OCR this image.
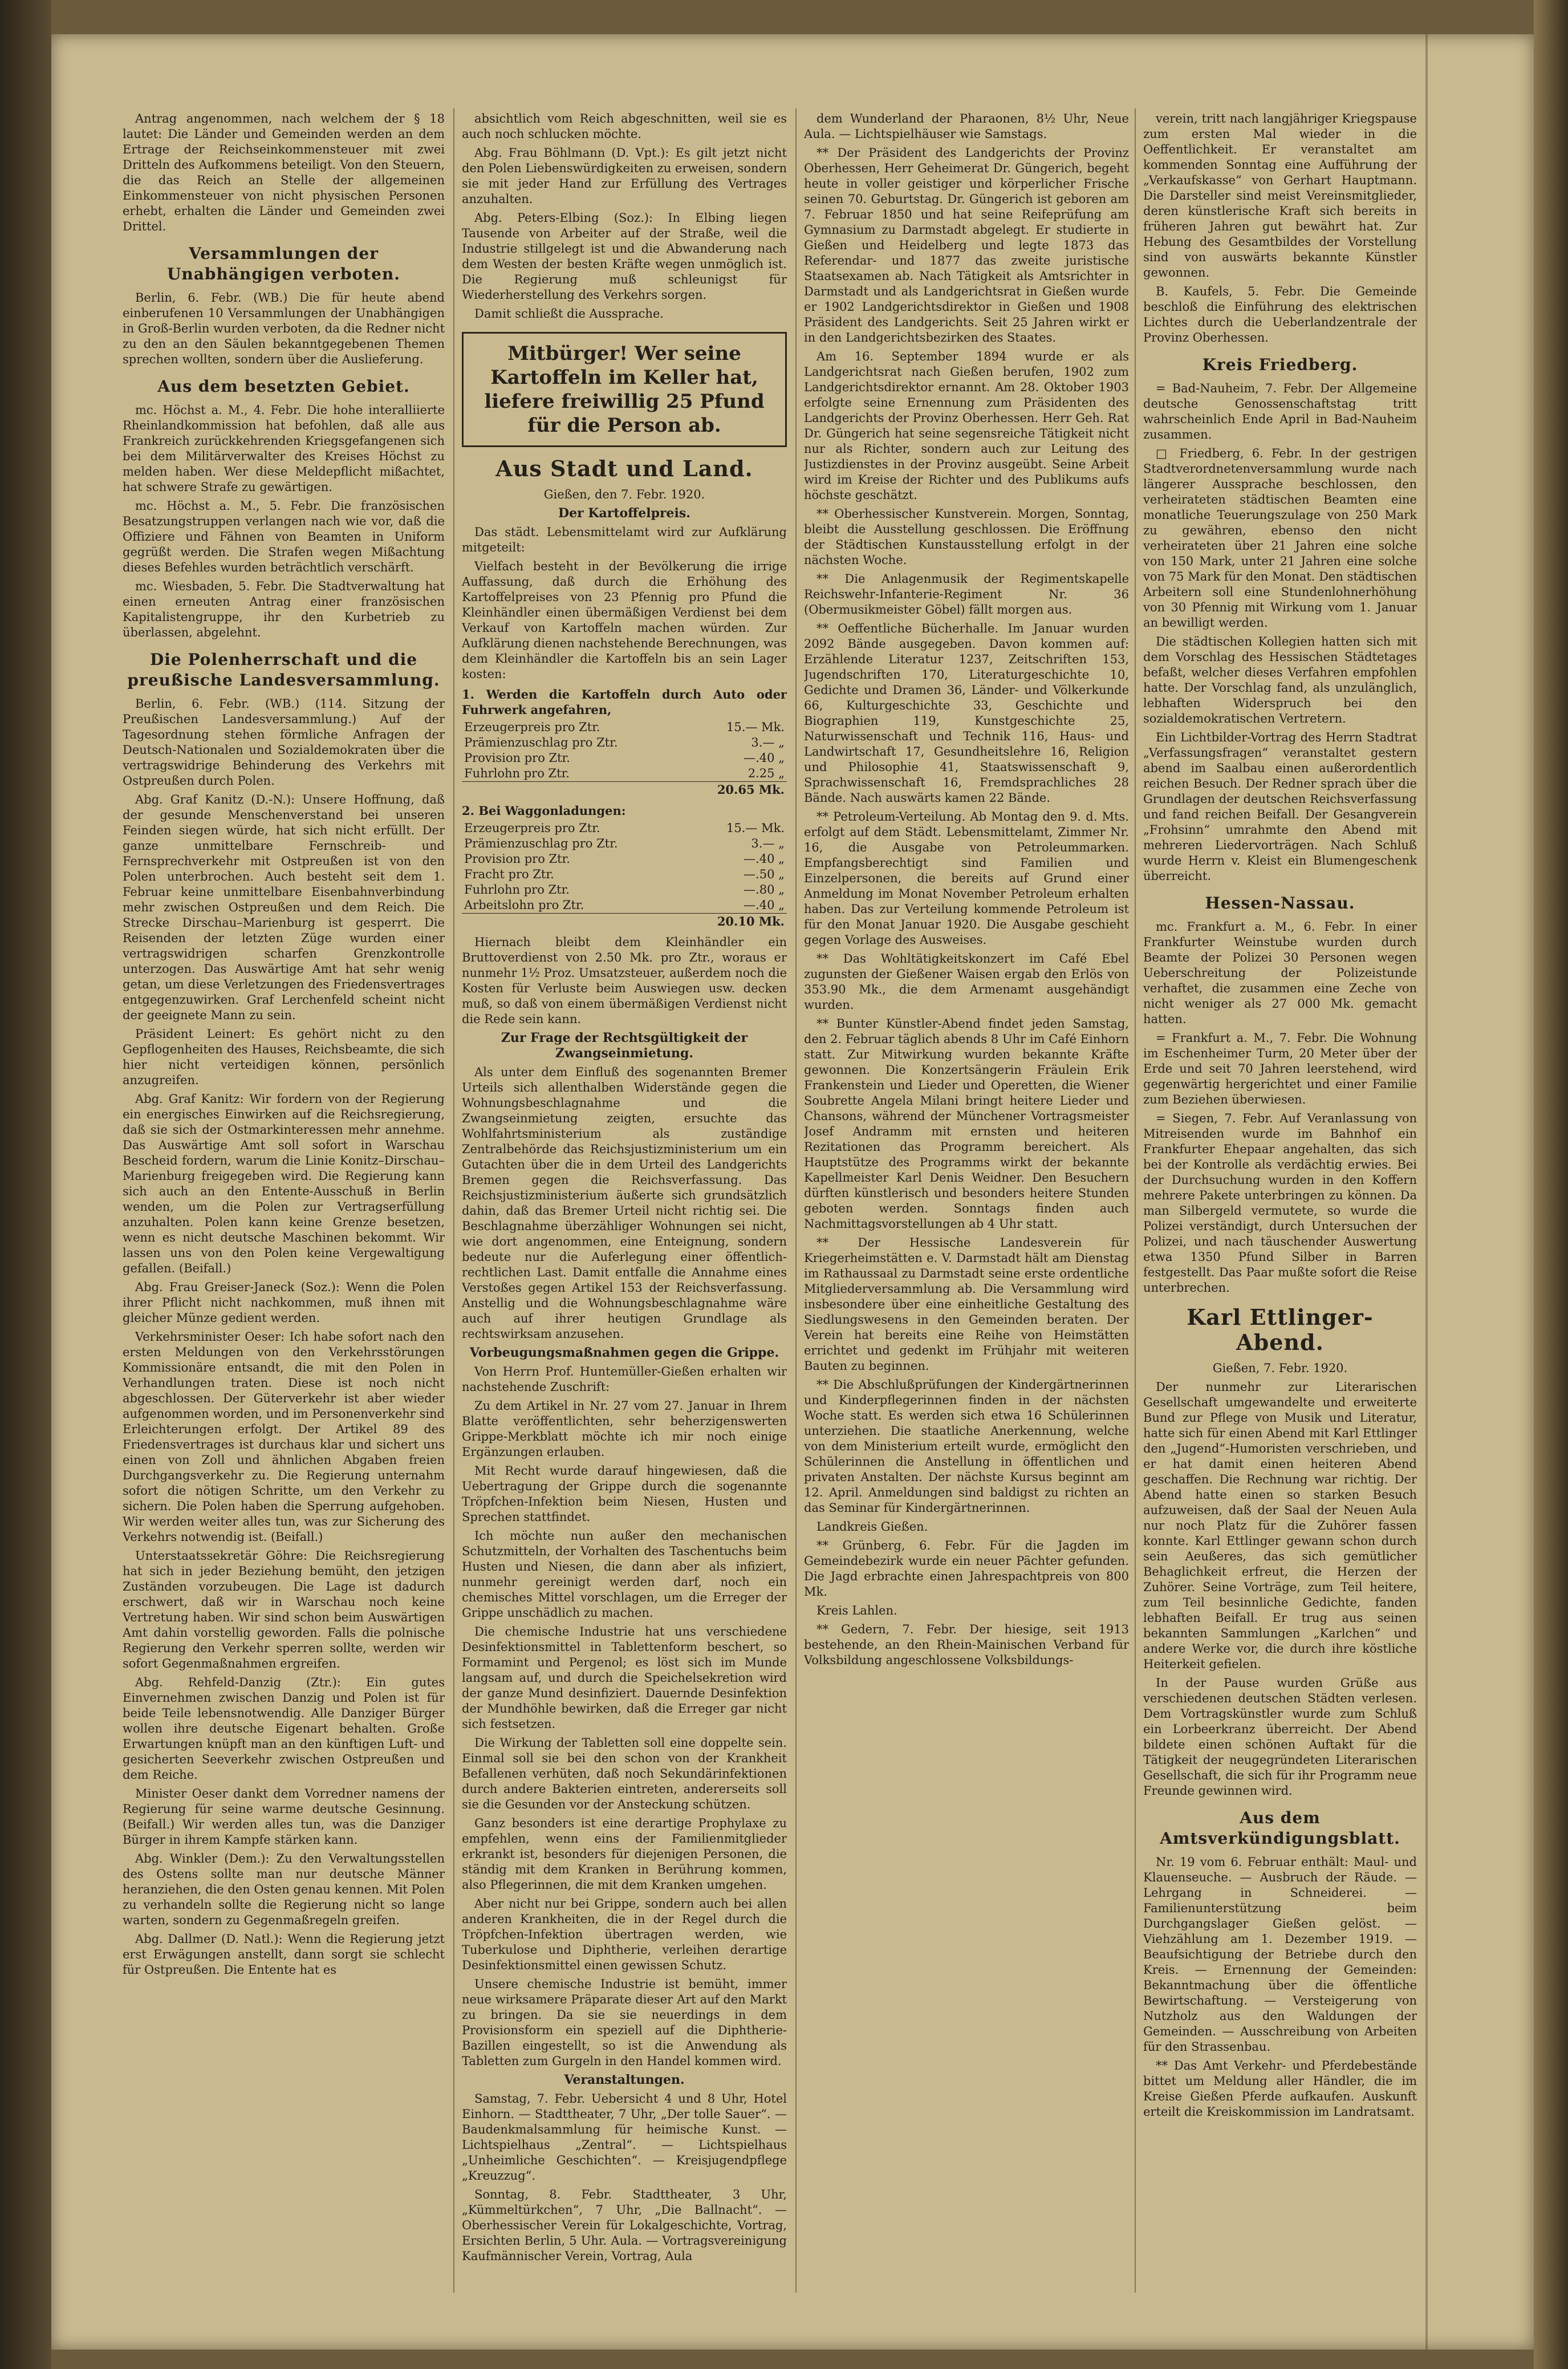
Antrag angenommen, nach welchem der § 18 lautet: Die Länder und Gemeinden werden an dem Ertrage der Reichseinkommensteuer mit zwei Dritteln des Aufkommens beteiligt. Von den Steuern, die das Reich an Stelle der allgemeinen Einkommensteuer von nicht physischen Personen erhebt, erhalten die Länder und Gemeinden zwei Drittel.

Versammlungen der Unabhängigen verboten.

Berlin, 6. Febr. (WB.) Die für heute abend einberufenen 10 Versammlungen der Unabhängigen in Groß-Berlin wurden verboten, da die Redner nicht zu den an den Säulen bekanntgegebenen Themen sprechen wollten, sondern über die Auslieferung.

Aus dem besetzten Gebiet.

mc. Höchst a. M., 4. Febr. Die hohe interalliierte Rheinlandkommission hat befohlen, daß alle aus Frankreich zurückkehrenden Kriegsgefangenen sich bei dem Militärverwalter des Kreises Höchst zu melden haben. Wer diese Meldepflicht mißachtet, hat schwere Strafe zu gewärtigen.

mc. Höchst a. M., 5. Febr. Die französischen Besatzungstruppen verlangen nach wie vor, daß die Offiziere und Fähnen von Beamten in Uniform gegrüßt werden. Die Strafen wegen Mißachtung dieses Befehles wurden beträchtlich verschärft.

mc. Wiesbaden, 5. Febr. Die Stadtverwaltung hat einen erneuten Antrag einer französischen Kapitalistengruppe, ihr den Kurbetrieb zu überlassen, abgelehnt.

Die Polenherrschaft und die preußische Landesversammlung.

Berlin, 6. Febr. (WB.) (114. Sitzung der Preußischen Landesversammlung.) Auf der Tagesordnung stehen förmliche Anfragen der Deutsch-Nationalen und Sozialdemokraten über die vertragswidrige Behinderung des Verkehrs mit Ostpreußen durch Polen.

Abg. Graf Kanitz (D.-N.): Unsere Hoffnung, daß der gesunde Menschenverstand bei unseren Feinden siegen würde, hat sich nicht erfüllt. Der ganze unmittelbare Fernschreib- und Fernsprechverkehr mit Ostpreußen ist von den Polen unterbrochen. Auch besteht seit dem 1. Februar keine unmittelbare Eisenbahnverbindung mehr zwischen Ostpreußen und dem Reich. Die Strecke Dirschau–Marienburg ist gesperrt. Die Reisenden der letzten Züge wurden einer vertragswidrigen scharfen Grenzkontrolle unterzogen. Das Auswärtige Amt hat sehr wenig getan, um diese Verletzungen des Friedensvertrages entgegenzuwirken. Graf Lerchenfeld scheint nicht der geeignete Mann zu sein.

Präsident Leinert: Es gehört nicht zu den Gepflogenheiten des Hauses, Reichsbeamte, die sich hier nicht verteidigen können, persönlich anzugreifen.

Abg. Graf Kanitz: Wir fordern von der Regierung ein energisches Einwirken auf die Reichsregierung, daß sie sich der Ostmarkinteressen mehr annehme. Das Auswärtige Amt soll sofort in Warschau Bescheid fordern, warum die Linie Konitz–Dirschau–Marienburg freigegeben wird. Die Regierung kann sich auch an den Entente-Ausschuß in Berlin wenden, um die Polen zur Vertragserfüllung anzuhalten. Polen kann keine Grenze besetzen, wenn es nicht deutsche Maschinen bekommt. Wir lassen uns von den Polen keine Vergewaltigung gefallen. (Beifall.)

Abg. Frau Greiser-Janeck (Soz.): Wenn die Polen ihrer Pflicht nicht nachkommen, muß ihnen mit gleicher Münze gedient werden.

Verkehrsminister Oeser: Ich habe sofort nach den ersten Meldungen von den Verkehrsstörungen Kommissionäre entsandt, die mit den Polen in Verhandlungen traten. Diese ist noch nicht abgeschlossen. Der Güterverkehr ist aber wieder aufgenommen worden, und im Personenverkehr sind Erleichterungen erfolgt. Der Artikel 89 des Friedensvertrages ist durchaus klar und sichert uns einen von Zoll und ähnlichen Abgaben freien Durchgangsverkehr zu. Die Regierung unternahm sofort die nötigen Schritte, um den Verkehr zu sichern. Die Polen haben die Sperrung aufgehoben. Wir werden weiter alles tun, was zur Sicherung des Verkehrs notwendig ist. (Beifall.)

Unterstaatssekretär Göhre: Die Reichsregierung hat sich in jeder Beziehung bemüht, den jetzigen Zuständen vorzubeugen. Die Lage ist dadurch erschwert, daß wir in Warschau noch keine Vertretung haben. Wir sind schon beim Auswärtigen Amt dahin vorstellig geworden. Falls die polnische Regierung den Verkehr sperren sollte, werden wir sofort Gegenmaßnahmen ergreifen.

Abg. Rehfeld-Danzig (Ztr.): Ein gutes Einvernehmen zwischen Danzig und Polen ist für beide Teile lebensnotwendig. Alle Danziger Bürger wollen ihre deutsche Eigenart behalten. Große Erwartungen knüpft man an den künftigen Luft- und gesicherten Seeverkehr zwischen Ostpreußen und dem Reiche.

Minister Oeser dankt dem Vorredner namens der Regierung für seine warme deutsche Gesinnung. (Beifall.) Wir werden alles tun, was die Danziger Bürger in ihrem Kampfe stärken kann.

Abg. Winkler (Dem.): Zu den Verwaltungsstellen des Ostens sollte man nur deutsche Männer heranziehen, die den Osten genau kennen. Mit Polen zu verhandeln sollte die Regierung nicht so lange warten, sondern zu Gegenmaßregeln greifen.

Abg. Dallmer (D. Natl.): Wenn die Regierung jetzt erst Erwägungen anstellt, dann sorgt sie schlecht für Ostpreußen. Die Entente hat es

absichtlich vom Reich abgeschnitten, weil sie es auch noch schlucken möchte.

Abg. Frau Böhlmann (D. Vpt.): Es gilt jetzt nicht den Polen Liebenswürdigkeiten zu erweisen, sondern sie mit jeder Hand zur Erfüllung des Vertrages anzuhalten.

Abg. Peters-Elbing (Soz.): In Elbing liegen Tausende von Arbeiter auf der Straße, weil die Industrie stillgelegt ist und die Abwanderung nach dem Westen der besten Kräfte wegen unmöglich ist. Die Regierung muß schleunigst für Wiederherstellung des Verkehrs sorgen.

Damit schließt die Aussprache.

Mitbürger! Wer seine Kartoffeln im Keller hat, liefere freiwillig 25 Pfund für die Person ab.
Aus Stadt und Land.
Gießen, den 7. Febr. 1920.
Der Kartoffelpreis.

Das städt. Lebensmittelamt wird zur Aufklärung mitgeteilt:

Vielfach besteht in der Bevölkerung die irrige Auffassung, daß durch die Erhöhung des Kartoffelpreises von 23 Pfennig pro Pfund die Kleinhändler einen übermäßigen Verdienst bei dem Verkauf von Kartoffeln machen würden. Zur Aufklärung dienen nachstehende Berechnungen, was dem Kleinhändler die Kartoffeln bis an sein Lager kosten:

1. Werden die Kartoffeln durch Auto oder Fuhrwerk angefahren,
Erzeugerpreis pro Ztr.	15.— Mk.
Prämienzuschlag pro Ztr.	3.— „
Provision pro Ztr.	—.40 „
Fuhrlohn pro Ztr.	2.25 „
	20.65 Mk.
2. Bei Waggonladungen:
Erzeugerpreis pro Ztr.	15.— Mk.
Prämienzuschlag pro Ztr.	3.— „
Provision pro Ztr.	—.40 „
Fracht pro Ztr.	—.50 „
Fuhrlohn pro Ztr.	—.80 „
Arbeitslohn pro Ztr.	—.40 „
	20.10 Mk.

Hiernach bleibt dem Kleinhändler ein Bruttoverdienst von 2.50 Mk. pro Ztr., woraus er nunmehr 1½ Proz. Umsatzsteuer, außerdem noch die Kosten für Verluste beim Auswiegen usw. decken muß, so daß von einem übermäßigen Verdienst nicht die Rede sein kann.

Zur Frage der Rechtsgültigkeit der Zwangseinmietung.

Als unter dem Einfluß des sogenannten Bremer Urteils sich allenthalben Widerstände gegen die Wohnungsbeschlagnahme und die Zwangseinmietung zeigten, ersuchte das Wohlfahrtsministerium als zuständige Zentralbehörde das Reichsjustizministerium um ein Gutachten über die in dem Urteil des Landgerichts Bremen gegen die Reichsverfassung. Das Reichsjustizministerium äußerte sich grundsätzlich dahin, daß das Bremer Urteil nicht richtig sei. Die Beschlagnahme überzähliger Wohnungen sei nicht, wie dort angenommen, eine Enteignung, sondern bedeute nur die Auferlegung einer öffentlich-rechtlichen Last. Damit entfalle die Annahme eines Verstoßes gegen Artikel 153 der Reichsverfassung. Anstellig und die Wohnungsbeschlagnahme wäre auch auf ihrer heutigen Grundlage als rechtswirksam anzusehen.

Vorbeugungsmaßnahmen gegen die Grippe.

Von Herrn Prof. Huntemüller-Gießen erhalten wir nachstehende Zuschrift:

Zu dem Artikel in Nr. 27 vom 27. Januar in Ihrem Blatte veröffentlichten, sehr beherzigenswerten Grippe-Merkblatt möchte ich mir noch einige Ergänzungen erlauben.

Mit Recht wurde darauf hingewiesen, daß die Uebertragung der Grippe durch die sogenannte Tröpfchen-Infektion beim Niesen, Husten und Sprechen stattfindet.

Ich möchte nun außer den mechanischen Schutzmitteln, der Vorhalten des Taschentuchs beim Husten und Niesen, die dann aber als infiziert, nunmehr gereinigt werden darf, noch ein chemisches Mittel vorschlagen, um die Erreger der Grippe unschädlich zu machen.

Die chemische Industrie hat uns verschiedene Desinfektionsmittel in Tablettenform beschert, so Formamint und Pergenol; es löst sich im Munde langsam auf, und durch die Speichelsekretion wird der ganze Mund desinfiziert. Dauernde Desinfektion der Mundhöhle bewirken, daß die Erreger gar nicht sich festsetzen.

Die Wirkung der Tabletten soll eine doppelte sein. Einmal soll sie bei den schon von der Krankheit Befallenen verhüten, daß noch Sekundärinfektionen durch andere Bakterien eintreten, andererseits soll sie die Gesunden vor der Ansteckung schützen.

Ganz besonders ist eine derartige Prophylaxe zu empfehlen, wenn eins der Familienmitglieder erkrankt ist, besonders für diejenigen Personen, die ständig mit dem Kranken in Berührung kommen, also Pflegerinnen, die mit dem Kranken umgehen.

Aber nicht nur bei Grippe, sondern auch bei allen anderen Krankheiten, die in der Regel durch die Tröpfchen-Infektion übertragen werden, wie Tuberkulose und Diphtherie, verleihen derartige Desinfektionsmittel einen gewissen Schutz.

Unsere chemische Industrie ist bemüht, immer neue wirksamere Präparate dieser Art auf den Markt zu bringen. Da sie sie neuerdings in dem Provisionsform ein speziell auf die Diphtherie-Bazillen eingestellt, so ist die Anwendung als Tabletten zum Gurgeln in den Handel kommen wird.

Veranstaltungen.

Samstag, 7. Febr. Uebersicht 4 und 8 Uhr, Hotel Einhorn. — Stadttheater, 7 Uhr, „Der tolle Sauer“. — Baudenkmalsammlung für heimische Kunst. — Lichtspielhaus „Zentral“. — Lichtspielhaus „Unheimliche Geschichten“. — Kreisjugendpflege „Kreuzzug“.

Sonntag, 8. Febr. Stadttheater, 3 Uhr, „Kümmeltürkchen“, 7 Uhr, „Die Ballnacht“. — Oberhessischer Verein für Lokalgeschichte, Vortrag, Ersichten Berlin, 5 Uhr. Aula. — Vortragsvereinigung Kaufmännischer Verein, Vortrag, Aula

dem Wunderland der Pharaonen, 8½ Uhr, Neue Aula. — Lichtspielhäuser wie Samstags.

** Der Präsident des Landgerichts der Provinz Oberhessen, Herr Geheimerat Dr. Güngerich, begeht heute in voller geistiger und körperlicher Frische seinen 70. Geburtstag. Dr. Güngerich ist geboren am 7. Februar 1850 und hat seine Reifeprüfung am Gymnasium zu Darmstadt abgelegt. Er studierte in Gießen und Heidelberg und legte 1873 das Referendar- und 1877 das zweite juristische Staatsexamen ab. Nach Tätigkeit als Amtsrichter in Darmstadt und als Landgerichtsrat in Gießen wurde er 1902 Landgerichtsdirektor in Gießen und 1908 Präsident des Landgerichts. Seit 25 Jahren wirkt er in den Landgerichtsbezirken des Staates.

Am 16. September 1894 wurde er als Landgerichtsrat nach Gießen berufen, 1902 zum Landgerichtsdirektor ernannt. Am 28. Oktober 1903 erfolgte seine Ernennung zum Präsidenten des Landgerichts der Provinz Oberhessen. Herr Geh. Rat Dr. Güngerich hat seine segensreiche Tätigkeit nicht nur als Richter, sondern auch zur Leitung des Justizdienstes in der Provinz ausgeübt. Seine Arbeit wird im Kreise der Richter und des Publikums aufs höchste geschätzt.

** Oberhessischer Kunstverein. Morgen, Sonntag, bleibt die Ausstellung geschlossen. Die Eröffnung der Städtischen Kunstausstellung erfolgt in der nächsten Woche.

** Die Anlagenmusik der Regimentskapelle Reichswehr-Infanterie-Regiment Nr. 36 (Obermusikmeister Göbel) fällt morgen aus.

** Oeffentliche Bücherhalle. Im Januar wurden 2092 Bände ausgegeben. Davon kommen auf: Erzählende Literatur 1237, Zeitschriften 153, Jugendschriften 170, Literaturgeschichte 10, Gedichte und Dramen 36, Länder- und Völkerkunde 66, Kulturgeschichte 33, Geschichte und Biographien 119, Kunstgeschichte 25, Naturwissenschaft und Technik 116, Haus- und Landwirtschaft 17, Gesundheitslehre 16, Religion und Philosophie 41, Staatswissenschaft 9, Sprachwissenschaft 16, Fremdsprachliches 28 Bände. Nach auswärts kamen 22 Bände.

** Petroleum-Verteilung. Ab Montag den 9. d. Mts. erfolgt auf dem Städt. Lebensmittelamt, Zimmer Nr. 16, die Ausgabe von Petroleummarken. Empfangsberechtigt sind Familien und Einzelpersonen, die bereits auf Grund einer Anmeldung im Monat November Petroleum erhalten haben. Das zur Verteilung kommende Petroleum ist für den Monat Januar 1920. Die Ausgabe geschieht gegen Vorlage des Ausweises.

** Das Wohltätigkeitskonzert im Café Ebel zugunsten der Gießener Waisen ergab den Erlös von 353.90 Mk., die dem Armenamt ausgehändigt wurden.

** Bunter Künstler-Abend findet jeden Samstag, den 2. Februar täglich abends 8 Uhr im Café Einhorn statt. Zur Mitwirkung wurden bekannte Kräfte gewonnen. Die Konzertsängerin Fräulein Erik Frankenstein und Lieder und Operetten, die Wiener Soubrette Angela Milani bringt heitere Lieder und Chansons, während der Münchener Vortragsmeister Josef Andramm mit ernsten und heiteren Rezitationen das Programm bereichert. Als Hauptstütze des Programms wirkt der bekannte Kapellmeister Karl Denis Weidner. Den Besuchern dürften künstlerisch und besonders heitere Stunden geboten werden. Sonntags finden auch Nachmittagsvorstellungen ab 4 Uhr statt.

** Der Hessische Landesverein für Kriegerheimstätten e. V. Darmstadt hält am Dienstag im Rathaussaal zu Darmstadt seine erste ordentliche Mitgliederversammlung ab. Die Versammlung wird insbesondere über eine einheitliche Gestaltung des Siedlungswesens in den Gemeinden beraten. Der Verein hat bereits eine Reihe von Heimstätten errichtet und gedenkt im Frühjahr mit weiteren Bauten zu beginnen.

** Die Abschlußprüfungen der Kindergärtnerinnen und Kinderpflegerinnen finden in der nächsten Woche statt. Es werden sich etwa 16 Schülerinnen unterziehen. Die staatliche Anerkennung, welche von dem Ministerium erteilt wurde, ermöglicht den Schülerinnen die Anstellung in öffentlichen und privaten Anstalten. Der nächste Kursus beginnt am 12. April. Anmeldungen sind baldigst zu richten an das Seminar für Kindergärtnerinnen.

Landkreis Gießen.

** Grünberg, 6. Febr. Für die Jagden im Gemeindebezirk wurde ein neuer Pächter gefunden. Die Jagd erbrachte einen Jahrespachtpreis von 800 Mk.

Kreis Lahlen.

** Gedern, 7. Febr. Der hiesige, seit 1913 bestehende, an den Rhein-Mainischen Verband für Volksbildung angeschlossene Volksbildungs-

verein, tritt nach langjähriger Kriegspause zum ersten Mal wieder in die Oeffentlichkeit. Er veranstaltet am kommenden Sonntag eine Aufführung der „Verkaufskasse“ von Gerhart Hauptmann. Die Darsteller sind meist Vereinsmitglieder, deren künstlerische Kraft sich bereits in früheren Jahren gut bewährt hat. Zur Hebung des Gesamtbildes der Vorstellung sind von auswärts bekannte Künstler gewonnen.

B. Kaufels, 5. Febr. Die Gemeinde beschloß die Einführung des elektrischen Lichtes durch die Ueberlandzentrale der Provinz Oberhessen.

Kreis Friedberg.

= Bad-Nauheim, 7. Febr. Der Allgemeine deutsche Genossenschaftstag tritt wahrscheinlich Ende April in Bad-Nauheim zusammen.

□ Friedberg, 6. Febr. In der gestrigen Stadtverordnetenversammlung wurde nach längerer Aussprache beschlossen, den verheirateten städtischen Beamten eine monatliche Teuerungszulage von 250 Mark zu gewähren, ebenso den nicht verheirateten über 21 Jahren eine solche von 150 Mark, unter 21 Jahren eine solche von 75 Mark für den Monat. Den städtischen Arbeitern soll eine Stundenlohnerhöhung von 30 Pfennig mit Wirkung vom 1. Januar an bewilligt werden.

Die städtischen Kollegien hatten sich mit dem Vorschlag des Hessischen Städtetages befaßt, welcher dieses Verfahren empfohlen hatte. Der Vorschlag fand, als unzulänglich, lebhaften Widerspruch bei den sozialdemokratischen Vertretern.

Ein Lichtbilder-Vortrag des Herrn Stadtrat „Verfassungsfragen“ veranstaltet gestern abend im Saalbau einen außerordentlich reichen Besuch. Der Redner sprach über die Grundlagen der deutschen Reichsverfassung und fand reichen Beifall. Der Gesangverein „Frohsinn“ umrahmte den Abend mit mehreren Liedervorträgen. Nach Schluß wurde Herrn v. Kleist ein Blumengeschenk überreicht.

Hessen-Nassau.

mc. Frankfurt a. M., 6. Febr. In einer Frankfurter Weinstube wurden durch Beamte der Polizei 30 Personen wegen Ueberschreitung der Polizeistunde verhaftet, die zusammen eine Zeche von nicht weniger als 27 000 Mk. gemacht hatten.

= Frankfurt a. M., 7. Febr. Die Wohnung im Eschenheimer Turm, 20 Meter über der Erde und seit 70 Jahren leerstehend, wird gegenwärtig hergerichtet und einer Familie zum Beziehen überwiesen.

= Siegen, 7. Febr. Auf Veranlassung von Mitreisenden wurde im Bahnhof ein Frankfurter Ehepaar angehalten, das sich bei der Kontrolle als verdächtig erwies. Bei der Durchsuchung wurden in den Koffern mehrere Pakete unterbringen zu können. Da man Silbergeld vermutete, so wurde die Polizei verständigt, durch Untersuchen der Polizei, und nach täuschender Auswertung etwa 1350 Pfund Silber in Barren festgestellt. Das Paar mußte sofort die Reise unterbrechen.

Karl Ettlinger-Abend.
Gießen, 7. Febr. 1920.

Der nunmehr zur Literarischen Gesellschaft umgewandelte und erweiterte Bund zur Pflege von Musik und Literatur, hatte sich für einen Abend mit Karl Ettlinger den „Jugend“-Humoristen verschrieben, und er hat damit einen heiteren Abend geschaffen. Die Rechnung war richtig. Der Abend hatte einen so starken Besuch aufzuweisen, daß der Saal der Neuen Aula nur noch Platz für die Zuhörer fassen konnte. Karl Ettlinger gewann schon durch sein Aeußeres, das sich gemütlicher Behaglichkeit erfreut, die Herzen der Zuhörer. Seine Vorträge, zum Teil heitere, zum Teil besinnliche Gedichte, fanden lebhaften Beifall. Er trug aus seinen bekannten Sammlungen „Karlchen“ und andere Werke vor, die durch ihre köstliche Heiterkeit gefielen.

In der Pause wurden Grüße aus verschiedenen deutschen Städten verlesen. Dem Vortragskünstler wurde zum Schluß ein Lorbeerkranz überreicht. Der Abend bildete einen schönen Auftakt für die Tätigkeit der neugegründeten Literarischen Gesellschaft, die sich für ihr Programm neue Freunde gewinnen wird.

Aus dem Amtsverkündigungsblatt.

Nr. 19 vom 6. Februar enthält: Maul- und Klauenseuche. — Ausbruch der Räude. — Lehrgang in Schneiderei. — Familienunterstützung beim Durchgangslager Gießen gelöst. — Viehzählung am 1. Dezember 1919. — Beaufsichtigung der Betriebe durch den Kreis. — Ernennung der Gemeinden: Bekanntmachung über die öffentliche Bewirtschaftung. — Versteigerung von Nutzholz aus den Waldungen der Gemeinden. — Ausschreibung von Arbeiten für den Strassenbau.

** Das Amt Verkehr- und Pferdebestände bittet um Meldung aller Händler, die im Kreise Gießen Pferde aufkaufen. Auskunft erteilt die Kreiskommission im Landratsamt.
